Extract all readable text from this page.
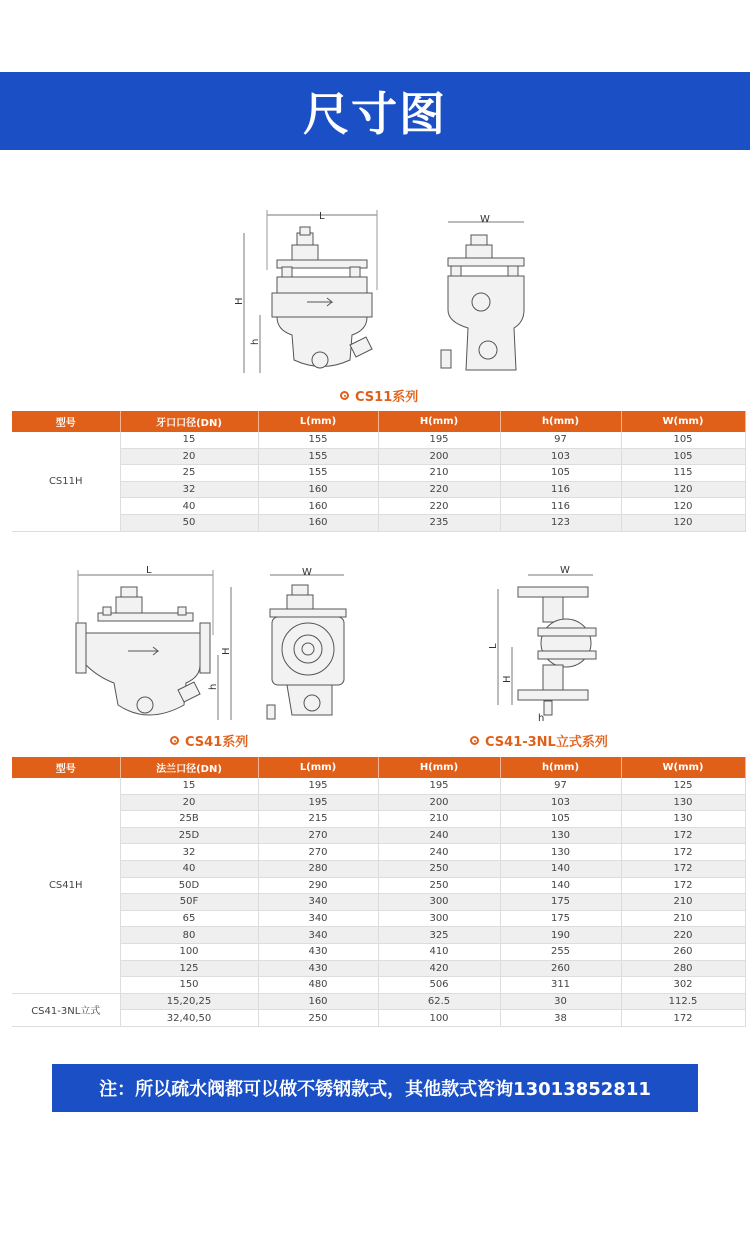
尺寸图
L
H
h
W
CS11系列
型号	牙口口径(DN)	L(mm)	H(mm)	h(mm)	W(mm)
CS11H	15	155	195	97	105
	20	155	200	103	105
	25	155	210	105	115
	32	160	220	116	120
	40	160	220	116	120
	50	160	235	123	120
L
H
h
W	W
L
H
h
CS41系列	CS41-3NL立式系列
型号	法兰口径(DN)	L(mm)	H(mm)	h(mm)	W(mm)
CS41H	15	195	195	97	125
	20	195	200	103	130
	25B	215	210	105	130
	25D	270	240	130	172
	32	270	240	130	172
	40	280	250	140	172
	50D	290	250	140	172
	50F	340	300	175	210
	65	340	300	175	210
	80	340	325	190	220
	100	430	410	255	260
	125	430	420	260	280
	150	480	506	311	302
CS41-3NL立式	15,20,25	160	62.5	30	112.5
	32,40,50	250	100	38	172
注：所以疏水阀都可以做不锈钢款式，其他款式咨询13013852811
